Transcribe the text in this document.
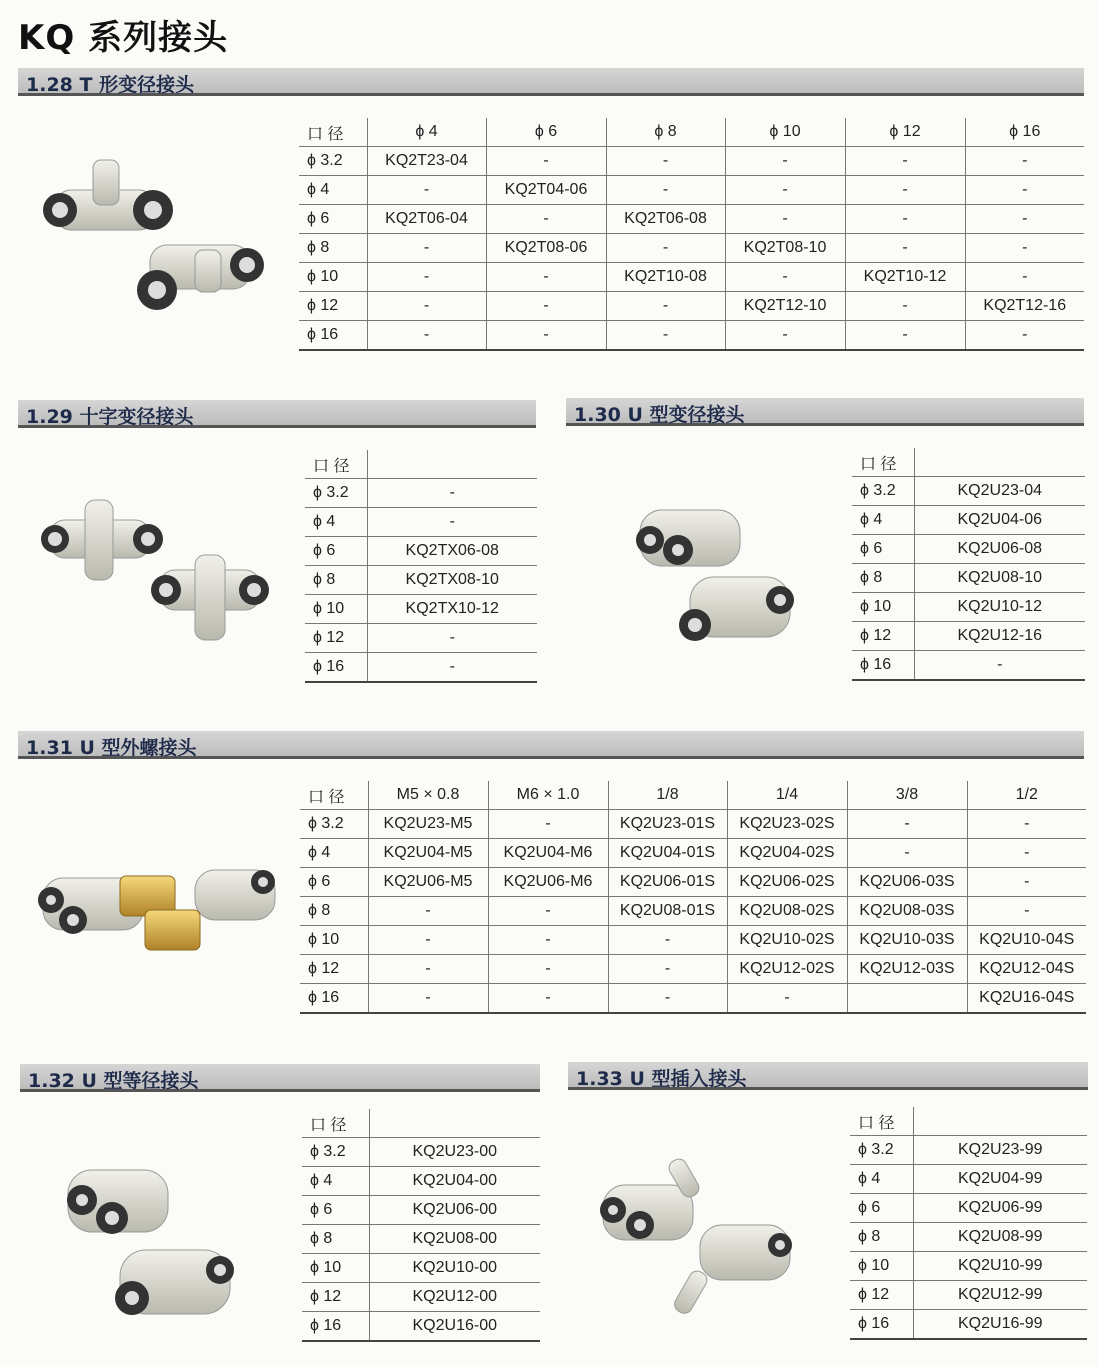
KQ 系列接头
1.28 T 形变径接头
口 径	ϕ 4	ϕ 6	ϕ 8	ϕ 10	ϕ 12	ϕ 16
ϕ 3.2	KQ2T23-04	-	-	-	-	-
ϕ 4	-	KQ2T04-06	-	-	-	-
ϕ 6	KQ2T06-04	-	KQ2T06-08	-	-	-
ϕ 8	-	KQ2T08-06	-	KQ2T08-10	-	-
ϕ 10	-	-	KQ2T10-08	-	KQ2T10-12	-
ϕ 12	-	-	-	KQ2T12-10	-	KQ2T12-16
ϕ 16	-	-	-	-	-	-
1.29 十字变径接头
口 径	
ϕ 3.2	-
ϕ 4	-
ϕ 6	KQ2TX06-08
ϕ 8	KQ2TX08-10
ϕ 10	KQ2TX10-12
ϕ 12	-
ϕ 16	-
1.30 U 型变径接头
口 径	
ϕ 3.2	KQ2U23-04
ϕ 4	KQ2U04-06
ϕ 6	KQ2U06-08
ϕ 8	KQ2U08-10
ϕ 10	KQ2U10-12
ϕ 12	KQ2U12-16
ϕ 16	-
1.31 U 型外螺接头
口 径	M5 × 0.8	M6 × 1.0	1/8	1/4	3/8	1/2
ϕ 3.2	KQ2U23-M5	-	KQ2U23-01S	KQ2U23-02S	-	-
ϕ 4	KQ2U04-M5	KQ2U04-M6	KQ2U04-01S	KQ2U04-02S	-	-
ϕ 6	KQ2U06-M5	KQ2U06-M6	KQ2U06-01S	KQ2U06-02S	KQ2U06-03S	-
ϕ 8	-	-	KQ2U08-01S	KQ2U08-02S	KQ2U08-03S	-
ϕ 10	-	-	-	KQ2U10-02S	KQ2U10-03S	KQ2U10-04S
ϕ 12	-	-	-	KQ2U12-02S	KQ2U12-03S	KQ2U12-04S
ϕ 16	-	-	-	-		KQ2U16-04S
1.32 U 型等径接头
口 径	
ϕ 3.2	KQ2U23-00
ϕ 4	KQ2U04-00
ϕ 6	KQ2U06-00
ϕ 8	KQ2U08-00
ϕ 10	KQ2U10-00
ϕ 12	KQ2U12-00
ϕ 16	KQ2U16-00
1.33 U 型插入接头
口 径	
ϕ 3.2	KQ2U23-99
ϕ 4	KQ2U04-99
ϕ 6	KQ2U06-99
ϕ 8	KQ2U08-99
ϕ 10	KQ2U10-99
ϕ 12	KQ2U12-99
ϕ 16	KQ2U16-99
